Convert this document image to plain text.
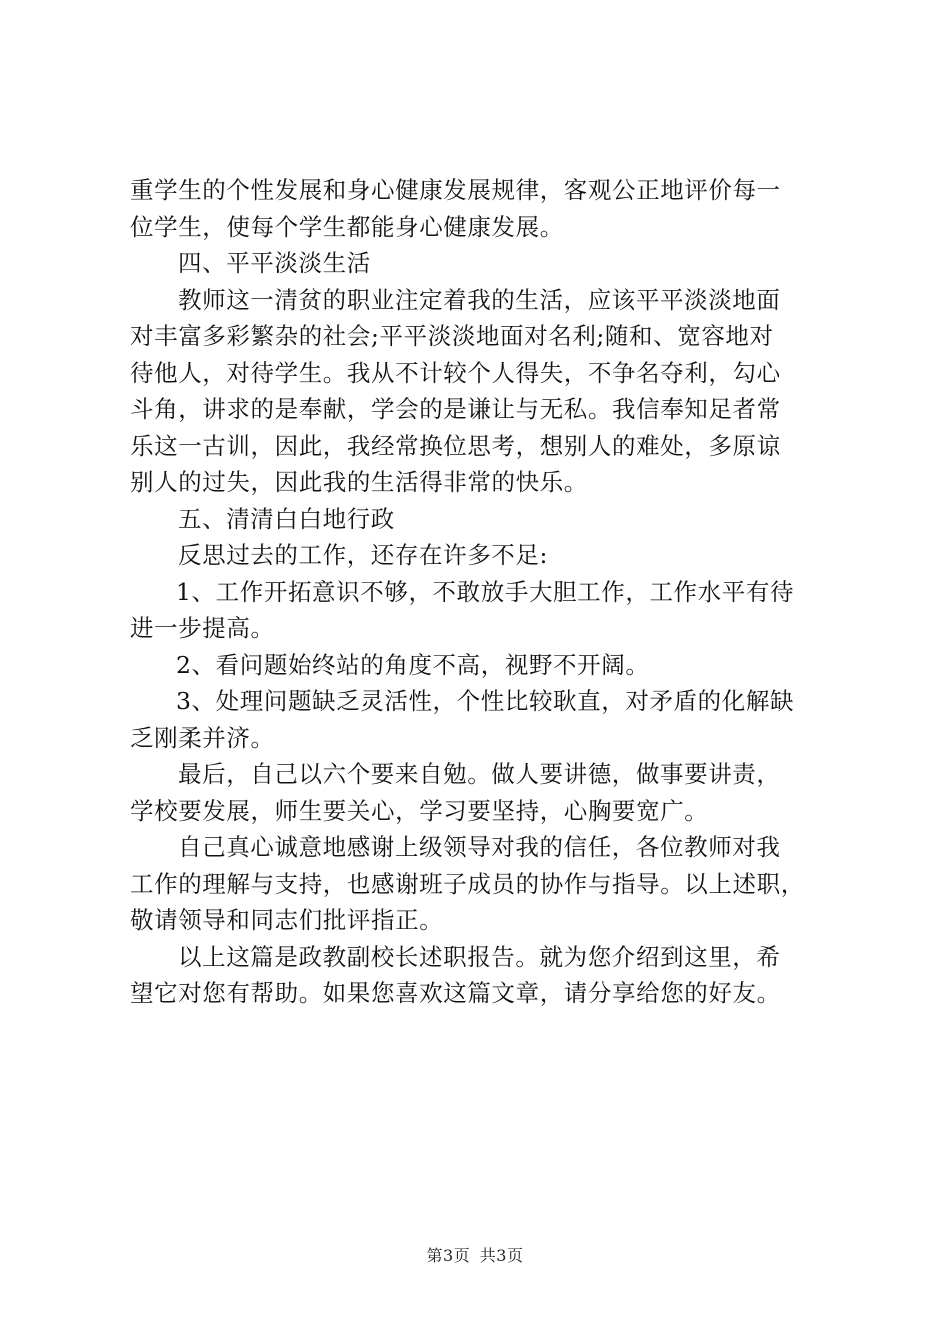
重学生的个性发展和身心健康发展规律，客观公正地评价每一
位学生，使每个学生都能身心健康发展。
四、平平淡淡生活
教师这一清贫的职业注定着我的生活，应该平平淡淡地面
对丰富多彩繁杂的社会;平平淡淡地面对名利;随和、宽容地对
待他人，对待学生。我从不计较个人得失，不争名夺利，勾心
斗角，讲求的是奉献，学会的是谦让与无私。我信奉知足者常
乐这一古训，因此，我经常换位思考，想别人的难处，多原谅
别人的过失，因此我的生活得非常的快乐。
五、清清白白地行政
反思过去的工作，还存在许多不足:
1、工作开拓意识不够，不敢放手大胆工作，工作水平有待
进一步提高。
2、看问题始终站的角度不高，视野不开阔。
3、处理问题缺乏灵活性，个性比较耿直，对矛盾的化解缺
乏刚柔并济。
最后，自己以六个要来自勉。做人要讲德，做事要讲责，
学校要发展，师生要关心，学习要坚持，心胸要宽广。
自己真心诚意地感谢上级领导对我的信任，各位教师对我
工作的理解与支持，也感谢班子成员的协作与指导。以上述职，
敬请领导和同志们批评指正。
以上这篇是政教副校长述职报告。就为您介绍到这里，希
望它对您有帮助。如果您喜欢这篇文章，请分享给您的好友。
第3页 共3页
